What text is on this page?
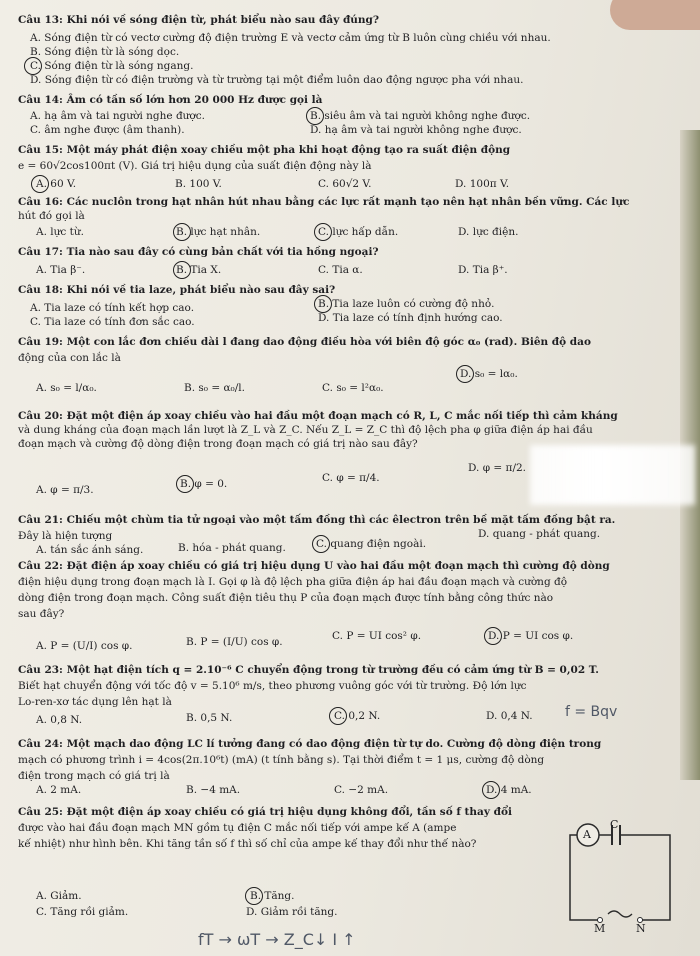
Câu 13: Khi nói về sóng điện từ, phát biểu nào sau đây đúng?
A. Sóng điện từ có vectơ cường độ điện trường E và vectơ cảm ứng từ B luôn cùng chiều với nhau.
B. Sóng điện từ là sóng dọc.
C. Sóng điện từ là sóng ngang.
D. Sóng điện từ có điện trường và từ trường tại một điểm luôn dao động ngược pha với nhau.
Câu 14: Âm có tần số lớn hơn 20 000 Hz được gọi là
A. hạ âm và tai người nghe được.	B. siêu âm và tai người không nghe được.
C. âm nghe được (âm thanh).	D. hạ âm và tai người không nghe được.
Câu 15: Một máy phát điện xoay chiều một pha khi hoạt động tạo ra suất điện động
e = 60√2cos100πt (V). Giá trị hiệu dụng của suất điện động này là
A. 60 V.	B. 100 V.	C. 60√2 V.	D. 100π V.
Câu 16: Các nuclôn trong hạt nhân hút nhau bằng các lực rất mạnh tạo nên hạt nhân bền vững. Các lực
hút đó gọi là
A. lực từ.	B. lực hạt nhân.	C. lực hấp dẫn.	D. lực điện.
Câu 17: Tia nào sau đây có cùng bản chất với tia hồng ngoại?
A. Tia β⁻.	B. Tia X.	C. Tia α.	D. Tia β⁺.
Câu 18: Khi nói về tia laze, phát biểu nào sau đây sai?
A. Tia laze có tính kết hợp cao.	B. Tia laze luôn có cường độ nhỏ.
C. Tia laze có tính đơn sắc cao.	D. Tia laze có tính định hướng cao.
Câu 19: Một con lắc đơn chiều dài l đang dao động điều hòa với biên độ góc α₀ (rad). Biên độ dao
động của con lắc là
A. s₀ = l/α₀.	B. s₀ = α₀/l.	C. s₀ = l²α₀.
D. s₀ = lα₀.
Câu 20: Đặt một điện áp xoay chiều vào hai đầu một đoạn mạch có R, L, C mắc nối tiếp thì cảm kháng
và dung kháng của đoạn mạch lần lượt là Z_L và Z_C. Nếu Z_L = Z_C thì độ lệch pha φ giữa điện áp hai đầu
đoạn mạch và cường độ dòng điện trong đoạn mạch có giá trị nào sau đây?
A. φ = π/3.	B. φ = 0.	C. φ = π/4.
D. φ = π/2.
Câu 21: Chiếu một chùm tia tử ngoại vào một tấm đồng thì các êlectron trên bề mặt tấm đồng bật ra.
Đây là hiện tượng
A. tán sắc ánh sáng.	B. hóa - phát quang.	C. quang điện ngoài.
D. quang - phát quang.
Câu 22: Đặt điện áp xoay chiều có giá trị hiệu dụng U vào hai đầu một đoạn mạch thì cường độ dòng
điện hiệu dụng trong đoạn mạch là I. Gọi φ là độ lệch pha giữa điện áp hai đầu đoạn mạch và cường độ
dòng điện trong đoạn mạch. Công suất điện tiêu thụ P của đoạn mạch được tính bằng công thức nào
sau đây?
A. P = (U/I) cos φ.	B. P = (I/U) cos φ.	C. P = UI cos² φ.	D. P = UI cos φ.
Câu 23: Một hạt điện tích q = 2.10⁻⁶ C chuyển động trong từ trường đều có cảm ứng từ B = 0,02 T.
Biết hạt chuyển động với tốc độ v = 5.10⁶ m/s, theo phương vuông góc với từ trường. Độ lớn lực
Lo-ren-xơ tác dụng lên hạt là
A. 0,8 N.	B. 0,5 N.	C. 0,2 N.	D. 0,4 N. f = Bqv
Câu 24: Một mạch dao động LC lí tưởng đang có dao động điện từ tự do. Cường độ dòng điện trong
mạch có phương trình i = 4cos(2π.10⁶t) (mA) (t tính bằng s). Tại thời điểm t = 1 μs, cường độ dòng
điện trong mạch có giá trị là
A. 2 mA.	B. −4 mA.	C. −2 mA.	D. 4 mA.
Câu 25: Đặt một điện áp xoay chiều có giá trị hiệu dụng không đổi, tần số f thay đổi
được vào hai đầu đoạn mạch MN gồm tụ điện C mắc nối tiếp với ampe kế A (ampe
kế nhiệt) như hình bên. Khi tăng tần số f thì số chỉ của ampe kế thay đổi như thế nào?
A. Giảm.	B. Tăng.
C. Tăng rồi giảm.	D. Giảm rồi tăng.
A
C
M	N
fT → ωT → Z_C↓ I ↑
